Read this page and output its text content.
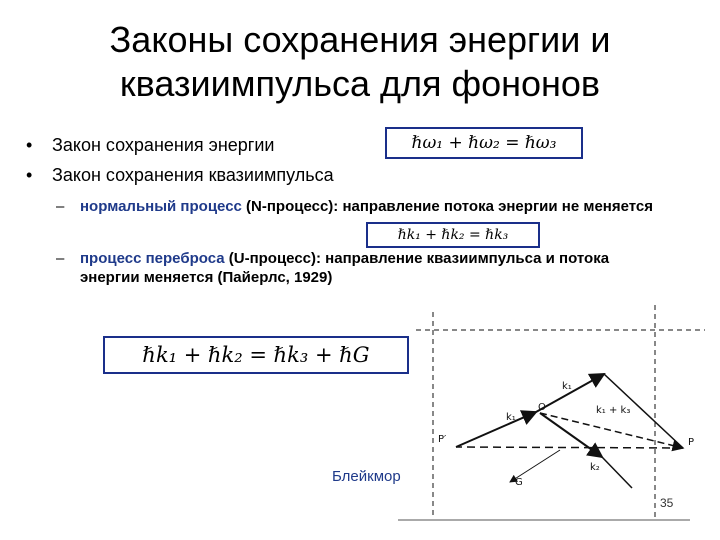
Законы сохранения энергии и
квазиимпульса для фононов
• Закон сохранения энергии
• Закон сохранения квазиимпульса
– нормальный процесс (N-процесс): направление потока энергии не меняется
– процесс переброса (U-процесс): направление квазиимпульса и потока энергии меняется (Пайерлс, 1929)
ℏω₁ + ℏω₂ = ℏω₃
ℏk₁ + ℏk₂ = ℏk₃
ℏk₁ + ℏk₂ = ℏk₃ + ℏG
k₁
k₁
O	k₁ + k₃
k₂
P′	P
G
Блейкмор
35
